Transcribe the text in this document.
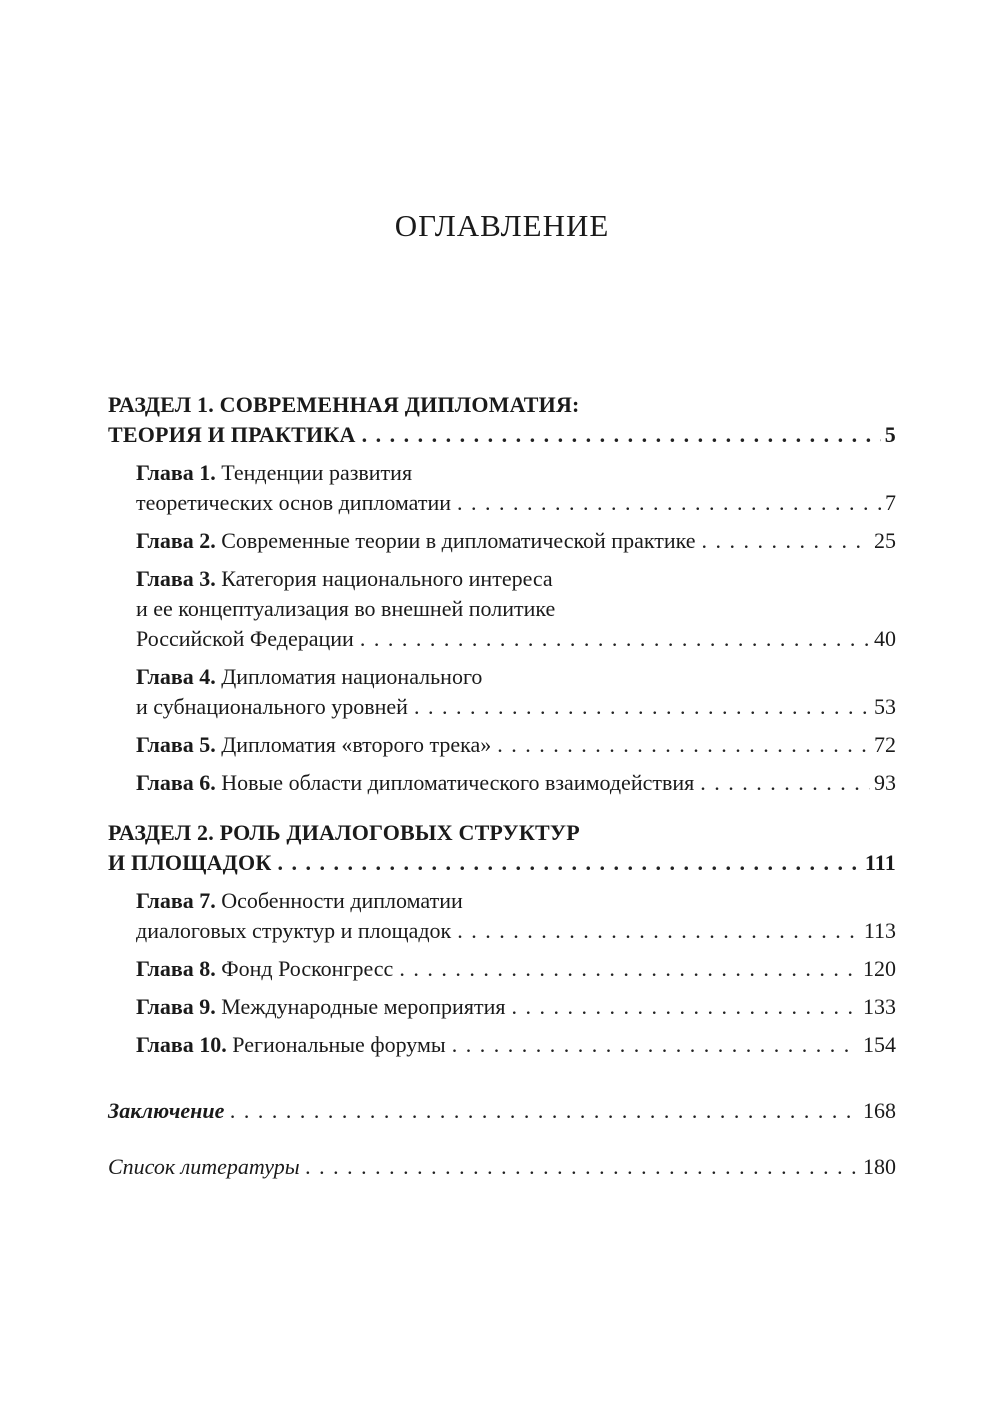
ОГЛАВЛЕНИЕ
РАЗДЕЛ 1. СОВРЕМЕННАЯ ДИПЛОМАТИЯ:
ТЕОРИЯ И ПРАКТИКА . . .	5
Глава 1. Тенденции развития
теоретических основ дипломатии . . .	7
Глава 2. Современные теории в дипломатической практике . . .	25
Глава 3. Категория национального интереса
и ее концептуализация во внешней политике
Российской Федерации . . .	40
Глава 4. Дипломатия национального
и субнационального уровней . . .	53
Глава 5. Дипломатия «второго трека» . . .	72
Глава 6. Новые области дипломатического взаимодействия . . .	93
РАЗДЕЛ 2. РОЛЬ ДИАЛОГОВЫХ СТРУКТУР
И ПЛОЩАДОК . . .	111
Глава 7. Особенности дипломатии
диалоговых структур и площадок . . .	113
Глава 8. Фонд Росконгресс . . .	120
Глава 9. Международные мероприятия . . .	133
Глава 10. Региональные форумы . . .	154
Заключение . . .	168
Список литературы . . .	180
